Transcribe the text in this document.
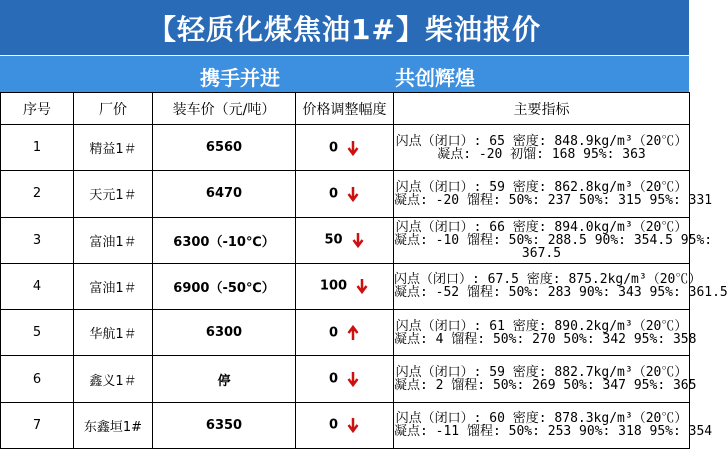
【轻质化煤焦油1#】柴油报价
携手并进	共创辉煌
序号	厂价	装车价（元/吨）	价格调整幅度	主要指标
1	精益1＃	6560	0	闪点（闭口）: 65 密度: 848.9kg/m³（20℃）
凝点: -20 初馏: 168 95%: 363

2	天元1＃	6470	0	闪点（闭口）: 59 密度: 862.8kg/m³（20℃）
凝点: -20 馏程: 50%: 237 50%: 315 95%: 331

3	富油1＃	6300（-10℃）	50	闪点（闭口）: 66 密度: 894.0kg/m³（20℃）
凝点: -10 馏程: 50%: 288.5 90%: 354.5 95%:
367.5

4	富油1＃	6900（-50℃）	100	闪点（闭口）: 67.5 密度: 875.2kg/m³（20℃）
凝点: -52 馏程: 50%: 283 90%: 343 95%: 361.5

5	华航1＃	6300	0	闪点（闭口）: 61 密度: 890.2kg/m³（20℃）
凝点: 4 馏程: 50%: 270 50%: 342 95%: 358

6	鑫义1＃	停	0	闪点（闭口）: 59 密度: 882.7kg/m³（20℃）
凝点: 2 馏程: 50%: 269 50%: 347 95%: 365

7	东鑫垣1#	6350	0	闪点（闭口）: 60 密度: 878.3kg/m³（20℃）
凝点: -11 馏程: 50%: 253 90%: 318 95%: 354
